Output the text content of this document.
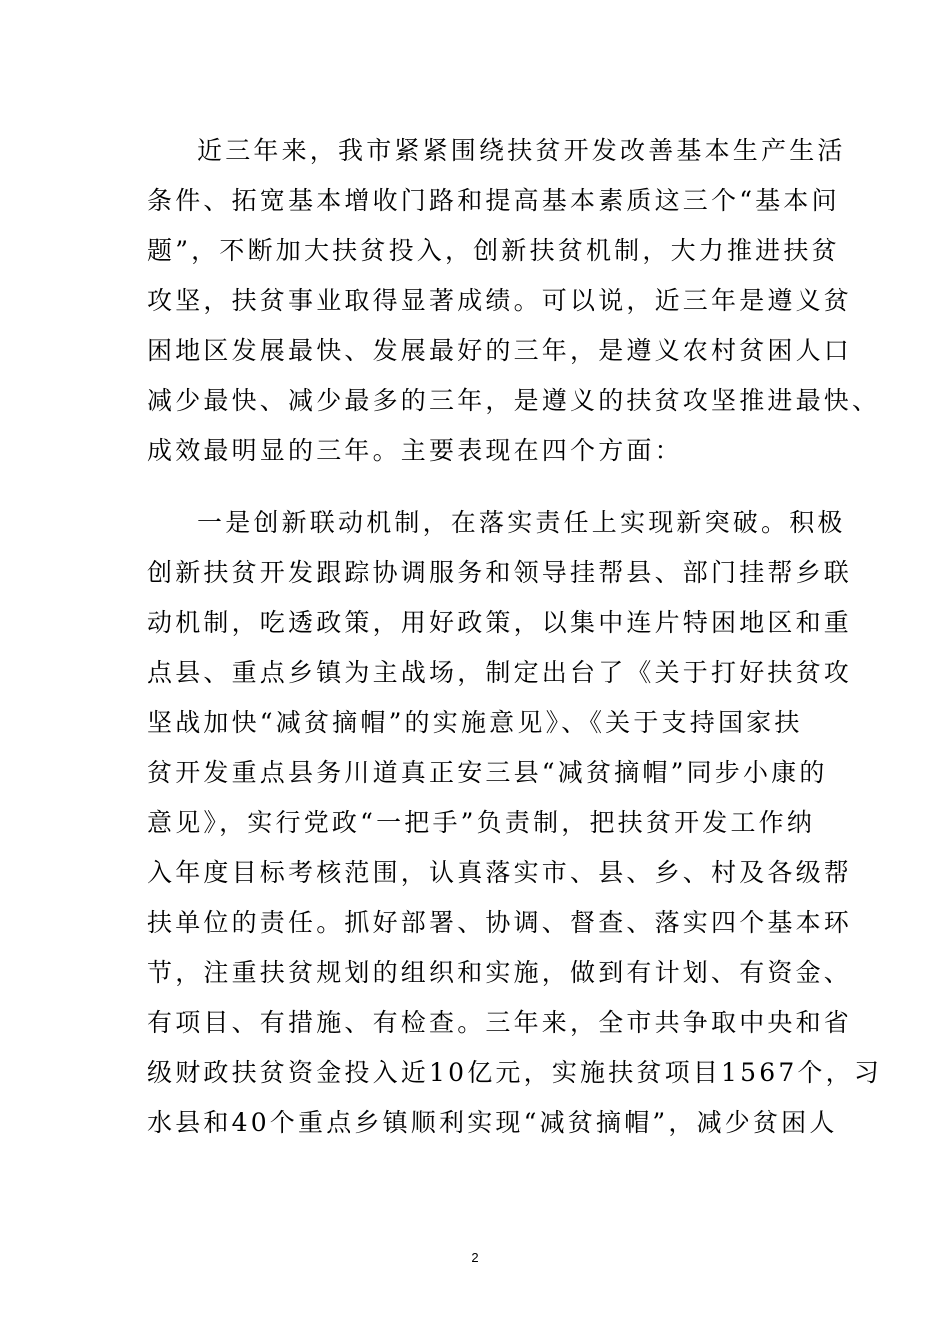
近三年来，我市紧紧围绕扶贫开发改善基本生产生活
条件、拓宽基本增收门路和提高基本素质这三个“基本问
题”，不断加大扶贫投入，创新扶贫机制，大力推进扶贫
攻坚，扶贫事业取得显著成绩。可以说，近三年是遵义贫
困地区发展最快、发展最好的三年，是遵义农村贫困人口
减少最快、减少最多的三年，是遵义的扶贫攻坚推进最快、
成效最明显的三年。主要表现在四个方面：
一是创新联动机制，在落实责任上实现新突破。积极
创新扶贫开发跟踪协调服务和领导挂帮县、部门挂帮乡联
动机制，吃透政策，用好政策，以集中连片特困地区和重
点县、重点乡镇为主战场，制定出台了《关于打好扶贫攻
坚战加快“减贫摘帽”的实施意见》、《关于支持国家扶
贫开发重点县务川道真正安三县“减贫摘帽”同步小康的
意见》，实行党政“一把手”负责制，把扶贫开发工作纳
入年度目标考核范围，认真落实市、县、乡、村及各级帮
扶单位的责任。抓好部署、协调、督查、落实四个基本环
节，注重扶贫规划的组织和实施，做到有计划、有资金、
有项目、有措施、有检查。三年来，全市共争取中央和省
级财政扶贫资金投入近10亿元，实施扶贫项目1567个，习
水县和40个重点乡镇顺利实现“减贫摘帽”，减少贫困人
2
